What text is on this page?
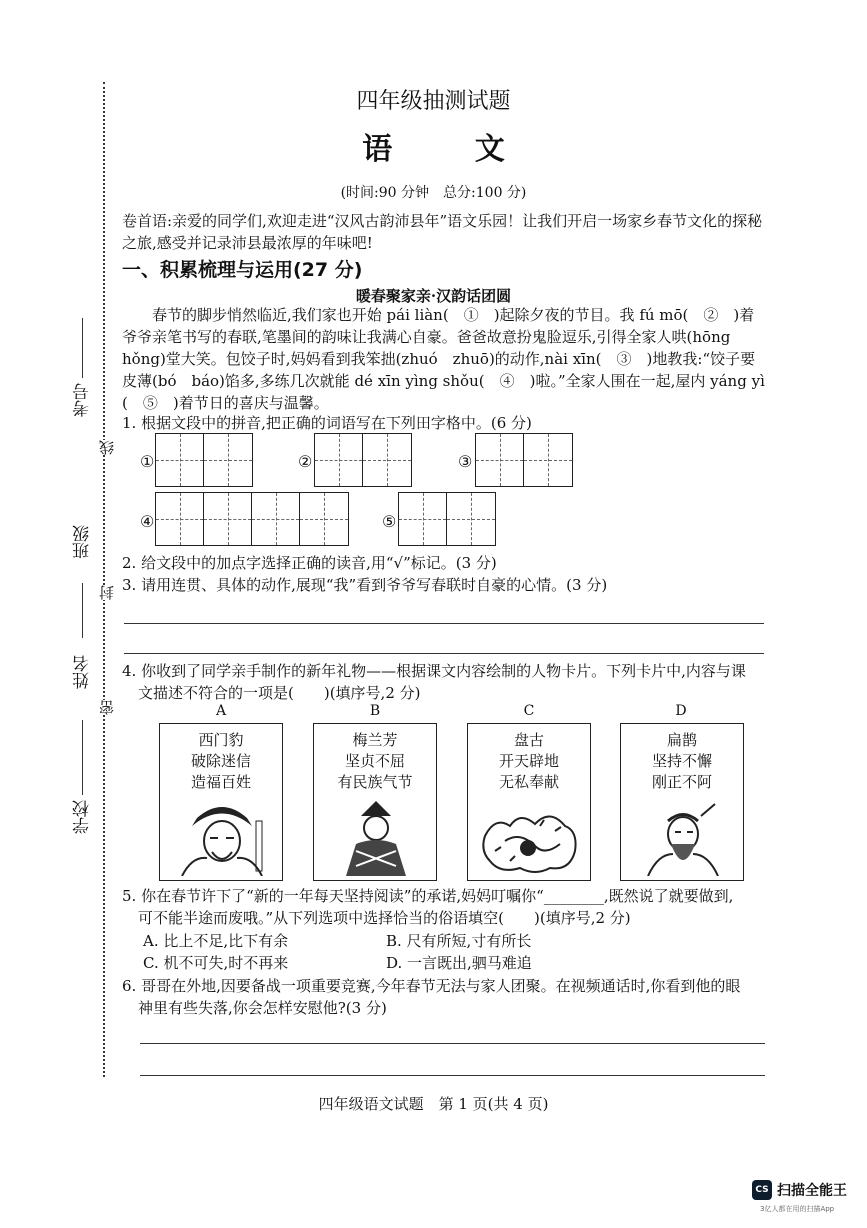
考号
班级
姓名
学校
线
封
密
四年级抽测试题
语 文
(时间:90 分钟　总分:100 分)
卷首语:亲爱的同学们,欢迎走进“汉风古韵沛县年”语文乐园！让我们开启一场家乡春节文化的探秘之旅,感受并记录沛县最浓厚的年味吧!
一、积累梳理与运用(27 分)
暖春聚家亲·汉韵话团圆
春节的脚步悄然临近,我们家也开始 pái liàn(　①　)起除夕夜的节目。我 fú mō(　②　)着
爷爷亲笔书写的春联,笔墨间的韵味让我满心自豪。爸爸故意扮鬼脸逗乐,引得全家人哄(hōng
hǒng)堂大笑。包饺子时,妈妈看到我笨拙(zhuó　zhuō)的动作,nài xīn(　③　)地教我:“饺子要
皮薄(bó　báo)馅多,多练几次就能 dé xīn yìng shǒu(　④　)啦。”全家人围在一起,屋内 yáng yì
(　⑤　)着节日的喜庆与温馨。
1. 根据文段中的拼音,把正确的词语写在下列田字格中。(6 分)
①	②	③
④	⑤
2. 给文段中的加点字选择正确的读音,用“√”标记。(3 分)
3. 请用连贯、具体的动作,展现“我”看到爷爷写春联时自豪的心情。(3 分)
4. 你收到了同学亲手制作的新年礼物——根据课文内容绘制的人物卡片。下列卡片中,内容与课
文描述不符合的一项是(　　)(填序号,2 分)
A
西门豹
破除迷信
造福百姓
B
梅兰芳
坚贞不屈
有民族气节
C
盘古
开天辟地
无私奉献
D
扁鹊
坚持不懈
刚正不阿
5. 你在春节许下了“新的一年每天坚持阅读”的承诺,妈妈叮嘱你“________,既然说了就要做到,
可不能半途而废哦。”从下列选项中选择恰当的俗语填空(　　)(填序号,2 分)
A. 比上不足,比下有余	B. 尺有所短,寸有所长
C. 机不可失,时不再来	D. 一言既出,驷马难追
6. 哥哥在外地,因要备战一项重要竞赛,今年春节无法与家人团聚。在视频通话时,你看到他的眼
神里有些失落,你会怎样安慰他?(3 分)
四年级语文试题　第 1 页(共 4 页)
CS 扫描全能王
3亿人都在用的扫描App
